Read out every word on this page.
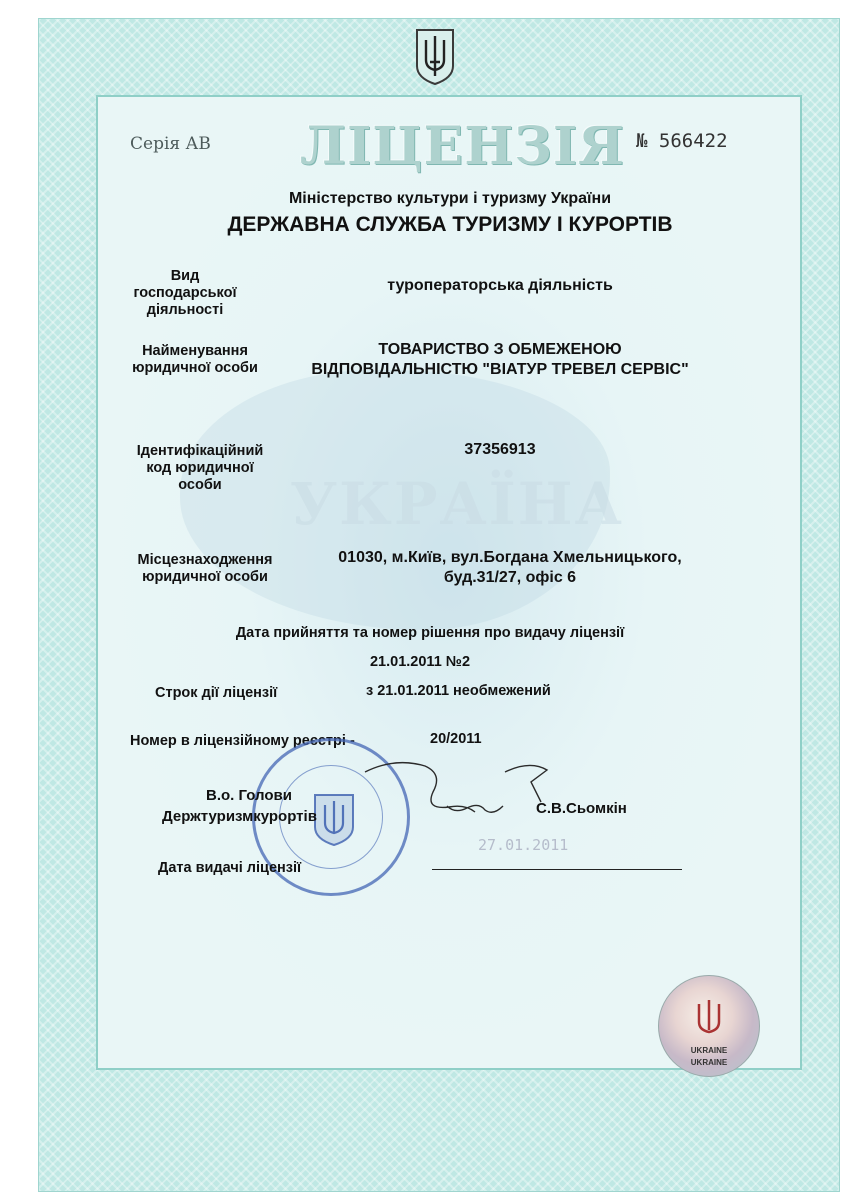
УКРАЇНА
Серія АВ ЛІЦЕНЗІЯ № 566422
Міністерство культури і туризму України
ДЕРЖАВНА СЛУЖБА ТУРИЗМУ І КУРОРТІВ
Вид
господарської
діяльності
туроператорська діяльність
Найменування
юридичної особи
ТОВАРИСТВО З ОБМЕЖЕНОЮ
ВІДПОВІДАЛЬНІСТЮ "ВІАТУР ТРЕВЕЛ СЕРВІС"
Ідентифікаційний
код юридичної
особи
37356913
Місцезнаходження
юридичної особи
01030, м.Київ, вул.Богдана Хмельницького,
буд.31/27, офіс 6
Дата прийняття та номер рішення про видачу ліцензії
21.01.2011 №2
Строк дії ліцензії	з 21.01.2011 необмежений
Номер в ліцензійному реєстрі -	20/2011
В.о. Голови
Держтуризмкурортів	С.В.Сьомкін
27.01.2011
Дата видачі ліцензії
UKRAINE
UKRAINE
